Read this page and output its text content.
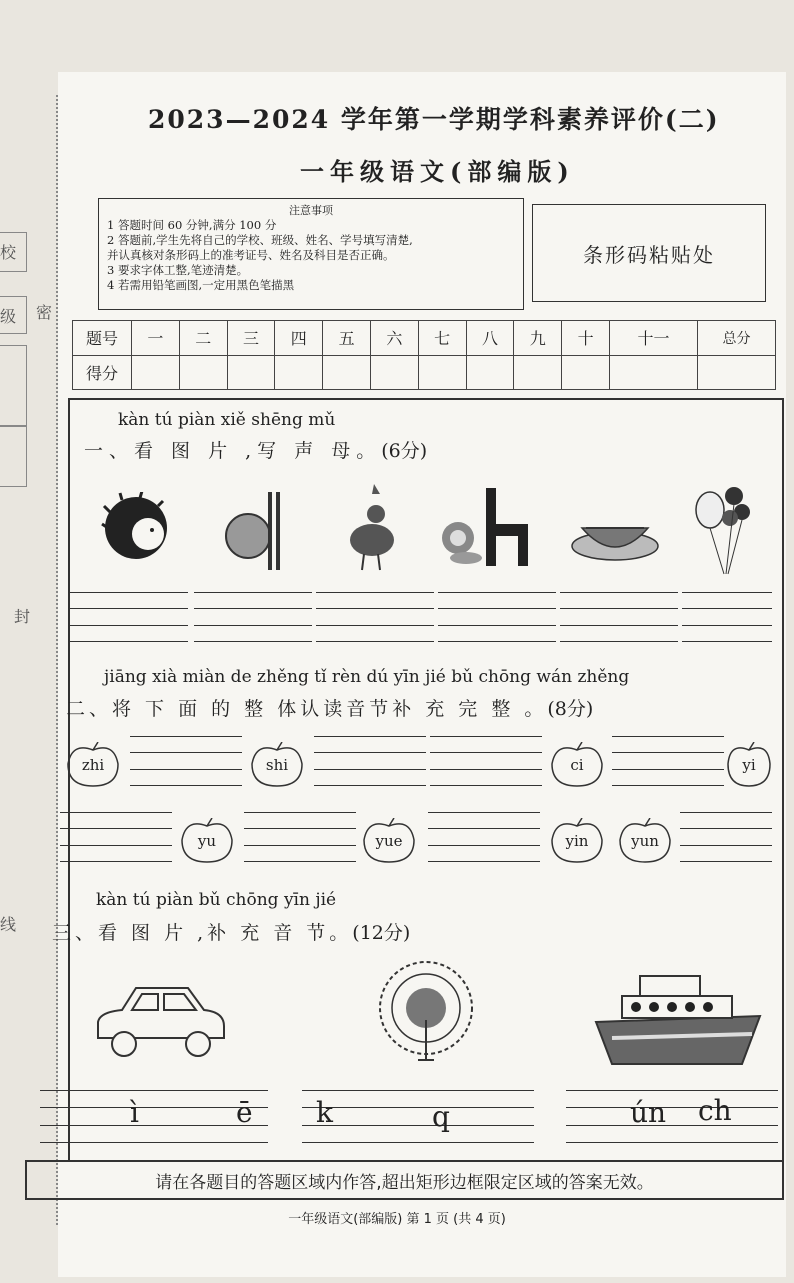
校
级 密
封
线
2023—2024 学年第一学期学科素养评价(二)
一年级语文(部编版)
注意事项
1 答题时间 60 分钟,满分 100 分
2 答题前,学生先将自己的学校、班级、姓名、学号填写清楚,
并认真核对条形码上的准考证号、姓名及科目是否正确。
3 要求字体工整,笔迹清楚。
4 若需用铅笔画图,一定用黑色笔描黑
条形码粘贴处
题号	一	二	三	四	五	六	七	八	九	十	十一	总分
得分												
kàn tú piàn xiě shēng mǔ
一、看 图 片 ,写 声 母。(6分)
jiāng xià miàn de zhěng tǐ rèn dú yīn jié bǔ chōng wán zhěng
二、将 下 面 的 整 体认读音节补 充 完 整 。(8分)
zhi	shi	ci	yi
yu	yue	yin	yun
kàn tú piàn bǔ chōng yīn jié
三、看 图 片 ,补 充 音 节。(12分)
ì	ē k	q	ún ch
请在各题目的答题区域内作答,超出矩形边框限定区域的答案无效。
一年级语文(部编版) 第 1 页 (共 4 页)
